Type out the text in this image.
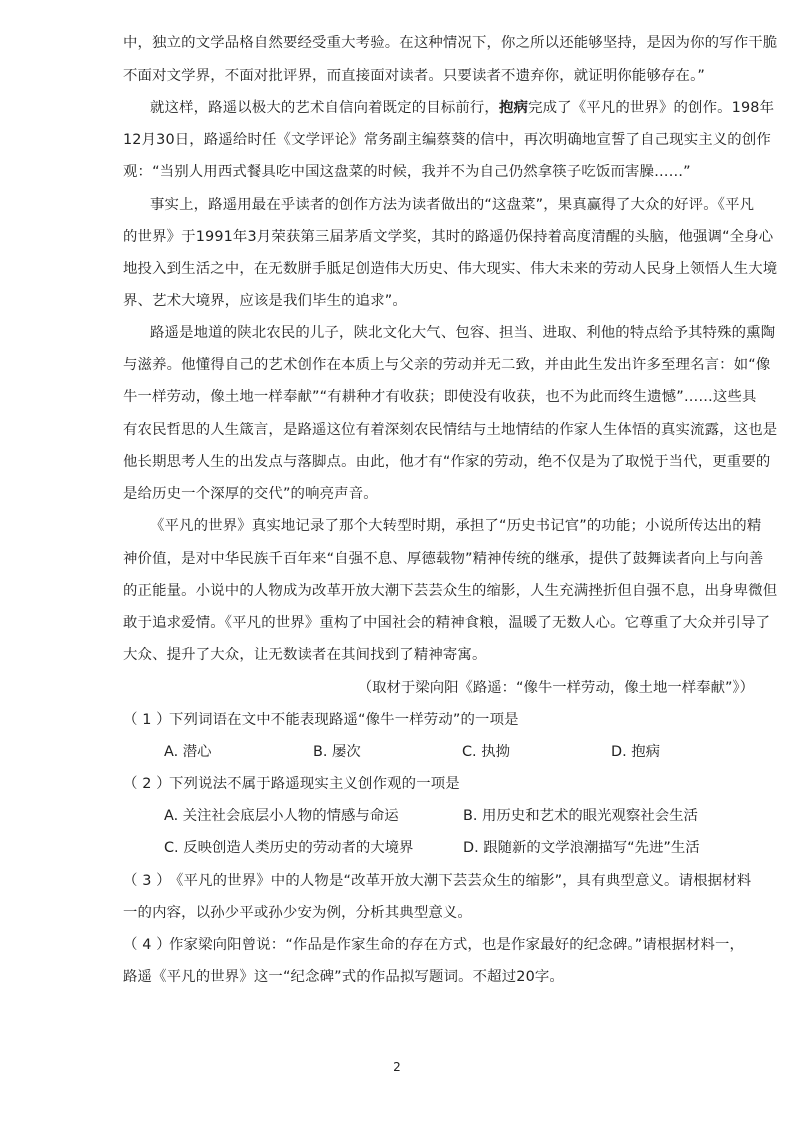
中，独立的文学品格自然要经受重大考验。在这种情况下，你之所以还能够坚持，是因为你的写作干脆
不面对文学界，不面对批评界，而直接面对读者。只要读者不遗弃你，就证明你能够存在。”
就这样，路遥以极大的艺术自信向着既定的目标前行，抱病完成了《平凡的世界》的创作。198年
12月30日，路遥给时任《文学评论》常务副主编蔡葵的信中，再次明确地宣誓了自己现实主义的创作
观：“当别人用西式餐具吃中国这盘菜的时候，我并不为自己仍然拿筷子吃饭而害臊……”
事实上，路遥用最在乎读者的创作方法为读者做出的“这盘菜”，果真赢得了大众的好评。《平凡
的世界》于1991年3月荣获第三届茅盾文学奖，其时的路遥仍保持着高度清醒的头脑，他强调“全身心
地投入到生活之中，在无数胼手胝足创造伟大历史、伟大现实、伟大未来的劳动人民身上领悟人生大境
界、艺术大境界，应该是我们毕生的追求”。
路遥是地道的陕北农民的儿子，陕北文化大气、包容、担当、进取、利他的特点给予其特殊的熏陶
与滋养。他懂得自己的艺术创作在本质上与父亲的劳动并无二致，并由此生发出许多至理名言：如“像
牛一样劳动，像土地一样奉献”“有耕种才有收获；即使没有收获，也不为此而终生遗憾”……这些具
有农民哲思的人生箴言，是路遥这位有着深刻农民情结与土地情结的作家人生体悟的真实流露，这也是
他长期思考人生的出发点与落脚点。由此，他才有“作家的劳动，绝不仅是为了取悦于当代，更重要的
是给历史一个深厚的交代”的响亮声音。
《平凡的世界》真实地记录了那个大转型时期，承担了“历史书记官”的功能；小说所传达出的精
神价值，是对中华民族千百年来“自强不息、厚德载物”精神传统的继承，提供了鼓舞读者向上与向善
的正能量。小说中的人物成为改革开放大潮下芸芸众生的缩影，人生充满挫折但自强不息，出身卑微但
敢于追求爱情。《平凡的世界》重构了中国社会的精神食粮，温暖了无数人心。它尊重了大众并引导了
大众、提升了大众，让无数读者在其间找到了精神寄寓。
（取材于梁向阳《路遥：“像牛一样劳动，像土地一样奉献”》）
（ 1 ）下列词语在文中不能表现路遥“像牛一样劳动”的一项是
A. 潜心	B. 屡次	C. 执拗	D. 抱病
（ 2 ）下列说法不属于路遥现实主义创作观的一项是
A. 关注社会底层小人物的情感与命运	B. 用历史和艺术的眼光观察社会生活
C. 反映创造人类历史的劳动者的大境界	D. 跟随新的文学浪潮描写“先进”生活
（ 3 ）《平凡的世界》中的人物是“改革开放大潮下芸芸众生的缩影”，具有典型意义。请根据材料
一的内容，以孙少平或孙少安为例，分析其典型意义。
（ 4 ）作家梁向阳曾说：“作品是作家生命的存在方式，也是作家最好的纪念碑。”请根据材料一，
路遥《平凡的世界》这一“纪念碑”式的作品拟写题词。不超过20字。
2
